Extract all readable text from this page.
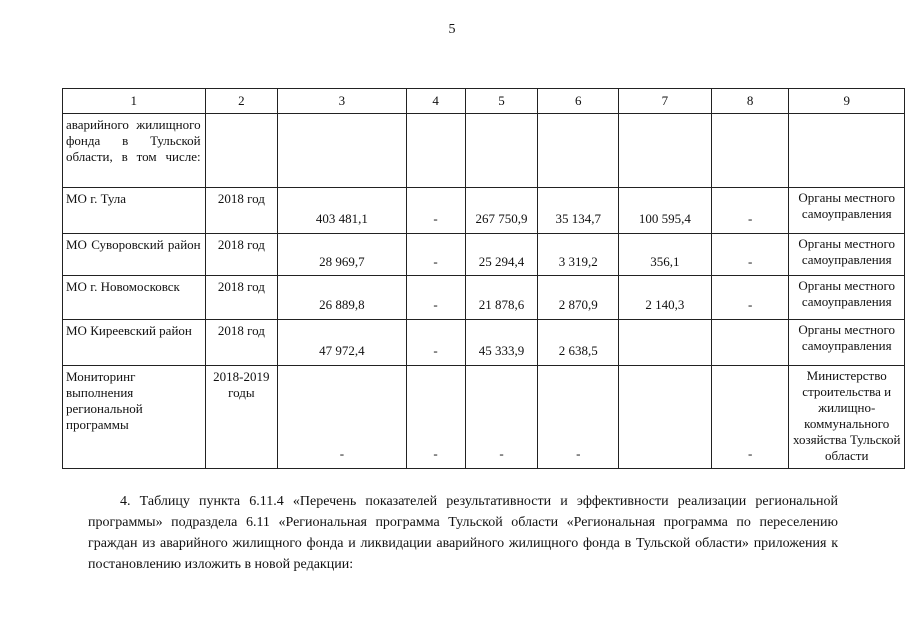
5
1	2	3	4	5	6	7	8	9
аварийного жилищного фонда в Тульской области, в том числе:								
МО г. Тула	2018 год	403 481,1	-	267 750,9	35 134,7	100 595,4	-	Органы местного самоуправления
МО Суворовский район	2018 год	28 969,7	-	25 294,4	3 319,2	356,1	-	Органы местного самоуправления
МО г. Новомосковск	2018 год	26 889,8	-	21 878,6	2 870,9	2 140,3	-	Органы местного самоуправления
МО Киреевский район	2018 год	47 972,4	-	45 333,9	2 638,5			Органы местного самоуправления
Мониторинг выполнения региональной программы	2018-2019 годы	-	-	-	-		-	Министерство строительства и жилищно-коммунального хозяйства Тульской области
4. Таблицу пункта 6.11.4 «Перечень показателей результативности и эффективности реализации региональной программы» подраздела 6.11 «Региональная программа Тульской области «Региональная программа по переселению граждан из аварийного жилищного фонда и ликвидации аварийного жилищного фонда в Тульской области» приложения к постановлению изложить в новой редакции:
